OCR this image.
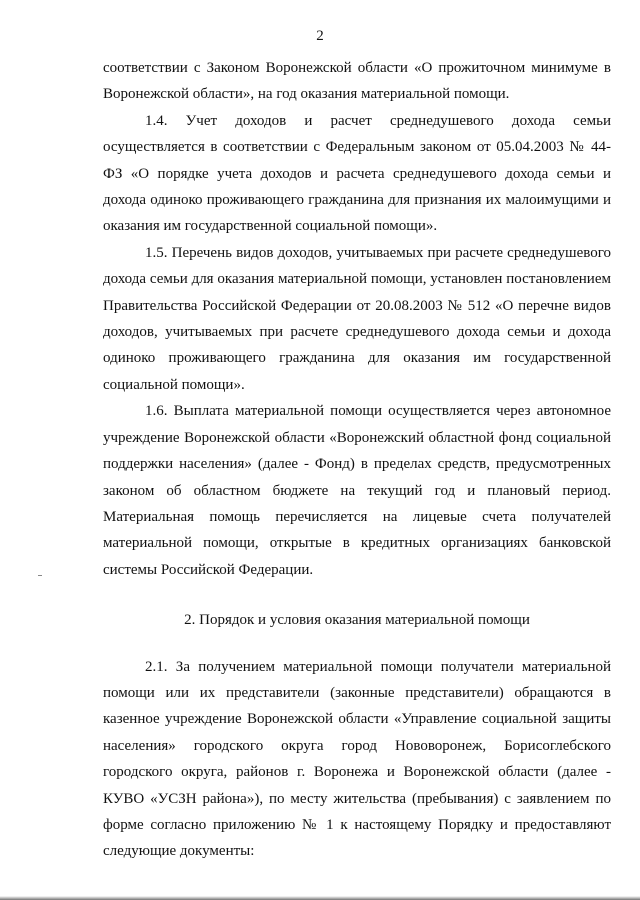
2

соответствии с Законом Воронежской области «О прожиточном минимуме в Воронежской области», на год оказания материальной помощи.

1.4. Учет доходов и расчет среднедушевого дохода семьи осуществляется в соответствии с Федеральным законом от 05.04.2003 № 44-ФЗ «О порядке учета доходов и расчета среднедушевого дохода семьи и дохода одиноко проживающего гражданина для признания их малоимущими и оказания им государственной социальной помощи».

1.5. Перечень видов доходов, учитываемых при расчете среднедушевого дохода семьи для оказания материальной помощи, установлен постановлением Правительства Российской Федерации от 20.08.2003 № 512 «О перечне видов доходов, учитываемых при расчете среднедушевого дохода семьи и дохода одиноко проживающего гражданина для оказания им государственной социальной помощи».

1.6. Выплата материальной помощи осуществляется через автономное учреждение Воронежской области «Воронежский областной фонд социальной поддержки населения» (далее - Фонд) в пределах средств, предусмотренных законом об областном бюджете на текущий год и плановый период. Материальная помощь перечисляется на лицевые счета получателей материальной помощи, открытые в кредитных организациях банковской системы Российской Федерации.

2. Порядок и условия оказания материальной помощи

2.1. За получением материальной помощи получатели материальной помощи или их представители (законные представители) обращаются в казенное учреждение Воронежской области «Управление социальной защиты населения» городского округа город Нововоронеж, Борисоглебского городского округа, районов г. Воронежа и Воронежской области (далее - КУВО «УСЗН района»), по месту жительства (пребывания) с заявлением по форме согласно приложению № 1 к настоящему Порядку и предоставляют следующие документы:
